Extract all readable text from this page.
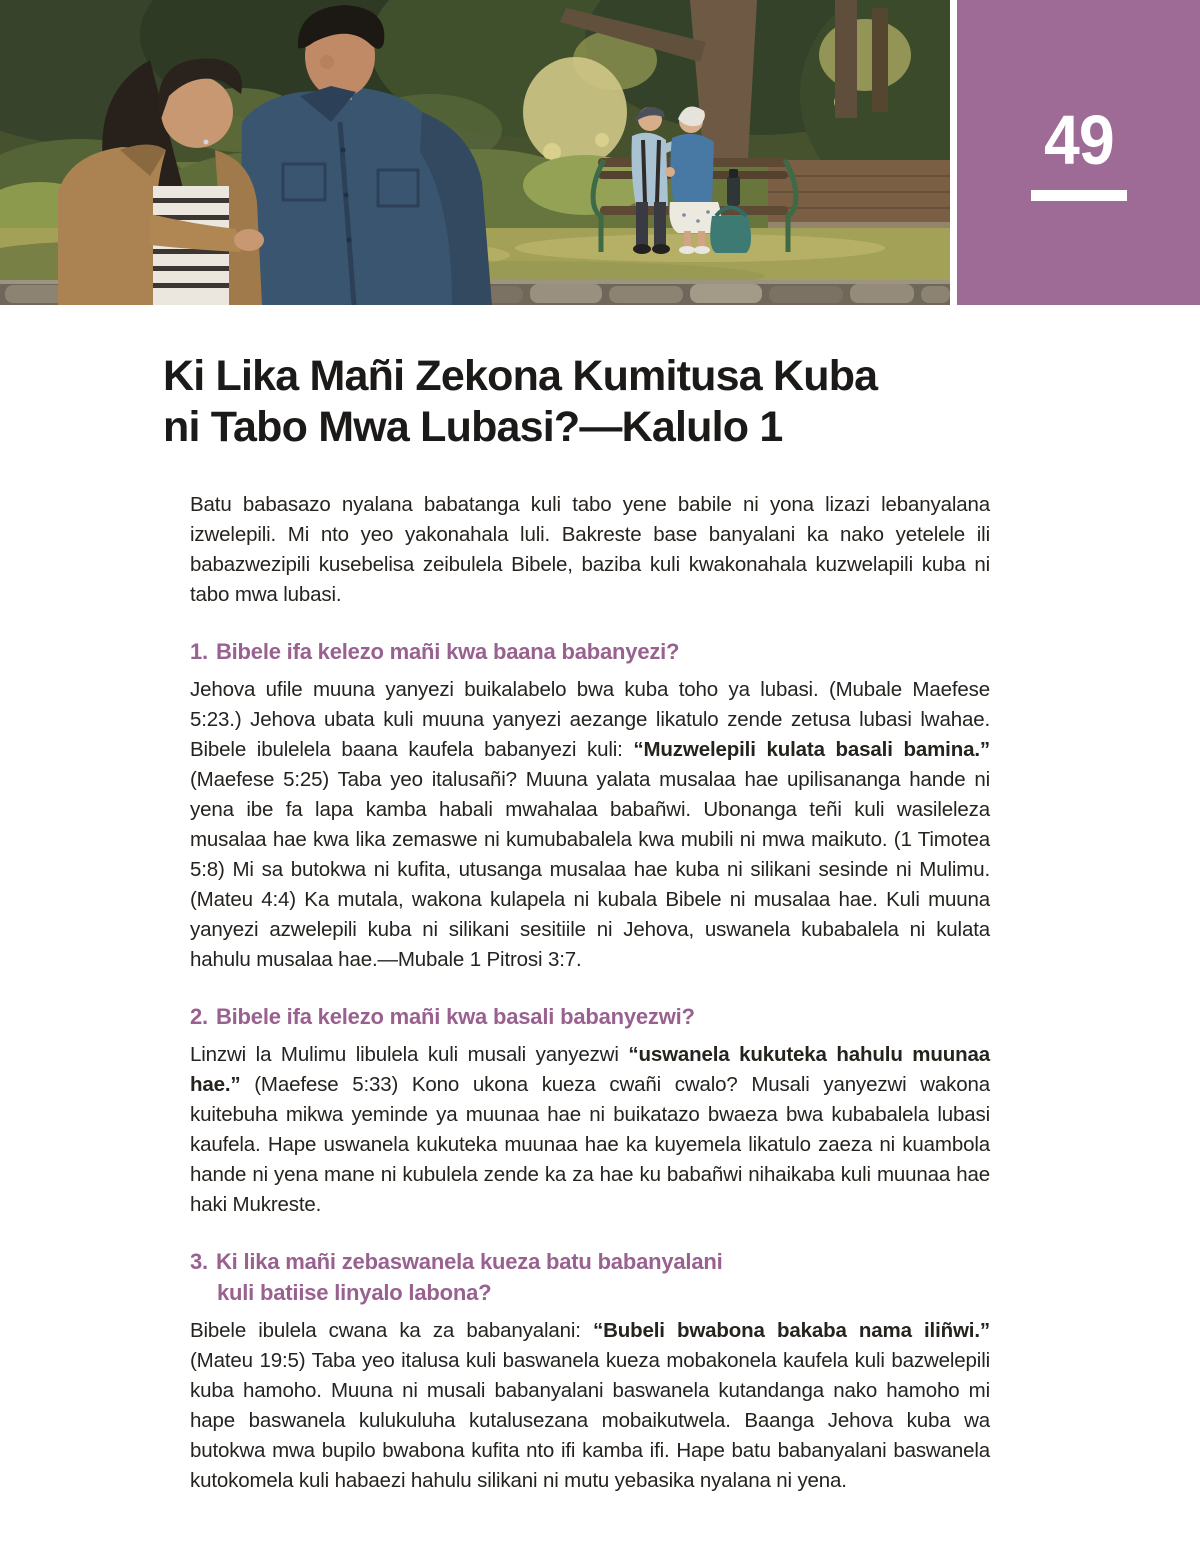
49
Ki Lika Mañi Zekona Kumitusa Kuba
ni Tabo Mwa Lubasi?—Kalulo 1

Batu babasazo nyalana babatanga kuli tabo yene babile ni yona lizazi lebanyalana izwelepili. Mi nto yeo yakonahala luli. Bakreste base banyalani ka nako yetelele ili babazwezipili kusebelisa zeibulela Bibele, baziba kuli kwakonahala kuzwelapili kuba ni tabo mwa lubasi.

1. Bibele ifa kelezo mañi kwa baana babanyezi?

Jehova ufile muuna yanyezi buikalabelo bwa kuba toho ya lubasi. (Mubale Maefese 5:23.) Jehova ubata kuli muuna yanyezi aezange likatulo zende zetusa lubasi lwahae. Bibele ibulelela baana kaufela babanyezi kuli: “Muzwelepili kulata basali bamina.” (Maefese 5:25) Taba yeo italusañi? Muuna yalata musalaa hae upilisananga hande ni yena ibe fa lapa kamba habali mwahalaa babañwi. Ubonanga teñi kuli wasileleza musalaa hae kwa lika zemaswe ni kumubabalela kwa mubili ni mwa maikuto. (1 Timotea 5:8) Mi sa butokwa ni kufita, utusanga musalaa hae kuba ni silikani sesinde ni Mulimu. (Mateu 4:4) Ka mutala, wakona kulapela ni kubala Bibele ni musalaa hae. Kuli muuna yanyezi azwelepili kuba ni silikani sesitiile ni Jehova, uswanela kubabalela ni kulata hahulu musalaa hae.—Mubale 1 Pitrosi 3:7.

2. Bibele ifa kelezo mañi kwa basali babanyezwi?

Linzwi la Mulimu libulela kuli musali yanyezwi “uswanela kukuteka hahulu muunaa hae.” (Maefese 5:33) Kono ukona kueza cwañi cwalo? Musali yanyezwi wakona kuitebuha mikwa yeminde ya muunaa hae ni buikatazo bwaeza bwa kubabalela lubasi kaufela. Hape uswanela kukuteka muunaa hae ka kuyemela likatulo zaeza ni kuambola hande ni yena mane ni kubulela zende ka za hae ku babañwi nihaikaba kuli muunaa hae haki Mukreste.

3. Ki lika mañi zebaswanela kueza batu babanyalani
kuli batiise linyalo labona?

Bibele ibulela cwana ka za babanyalani: “Bubeli bwabona bakaba nama iliñwi.” (Mateu 19:5) Taba yeo italusa kuli baswanela kueza mobakonela kaufela kuli bazwelepili kuba hamoho. Muuna ni musali babanyalani baswanela kutandanga nako hamoho mi hape baswanela kulukuluha kutalusezana mobaikutwela. Baanga Jehova kuba wa butokwa mwa bupilo bwabona kufita nto ifi kamba ifi. Hape batu babanyalani baswanela kutokomela kuli habaezi hahulu silikani ni mutu yebasika nyalana ni yena.
